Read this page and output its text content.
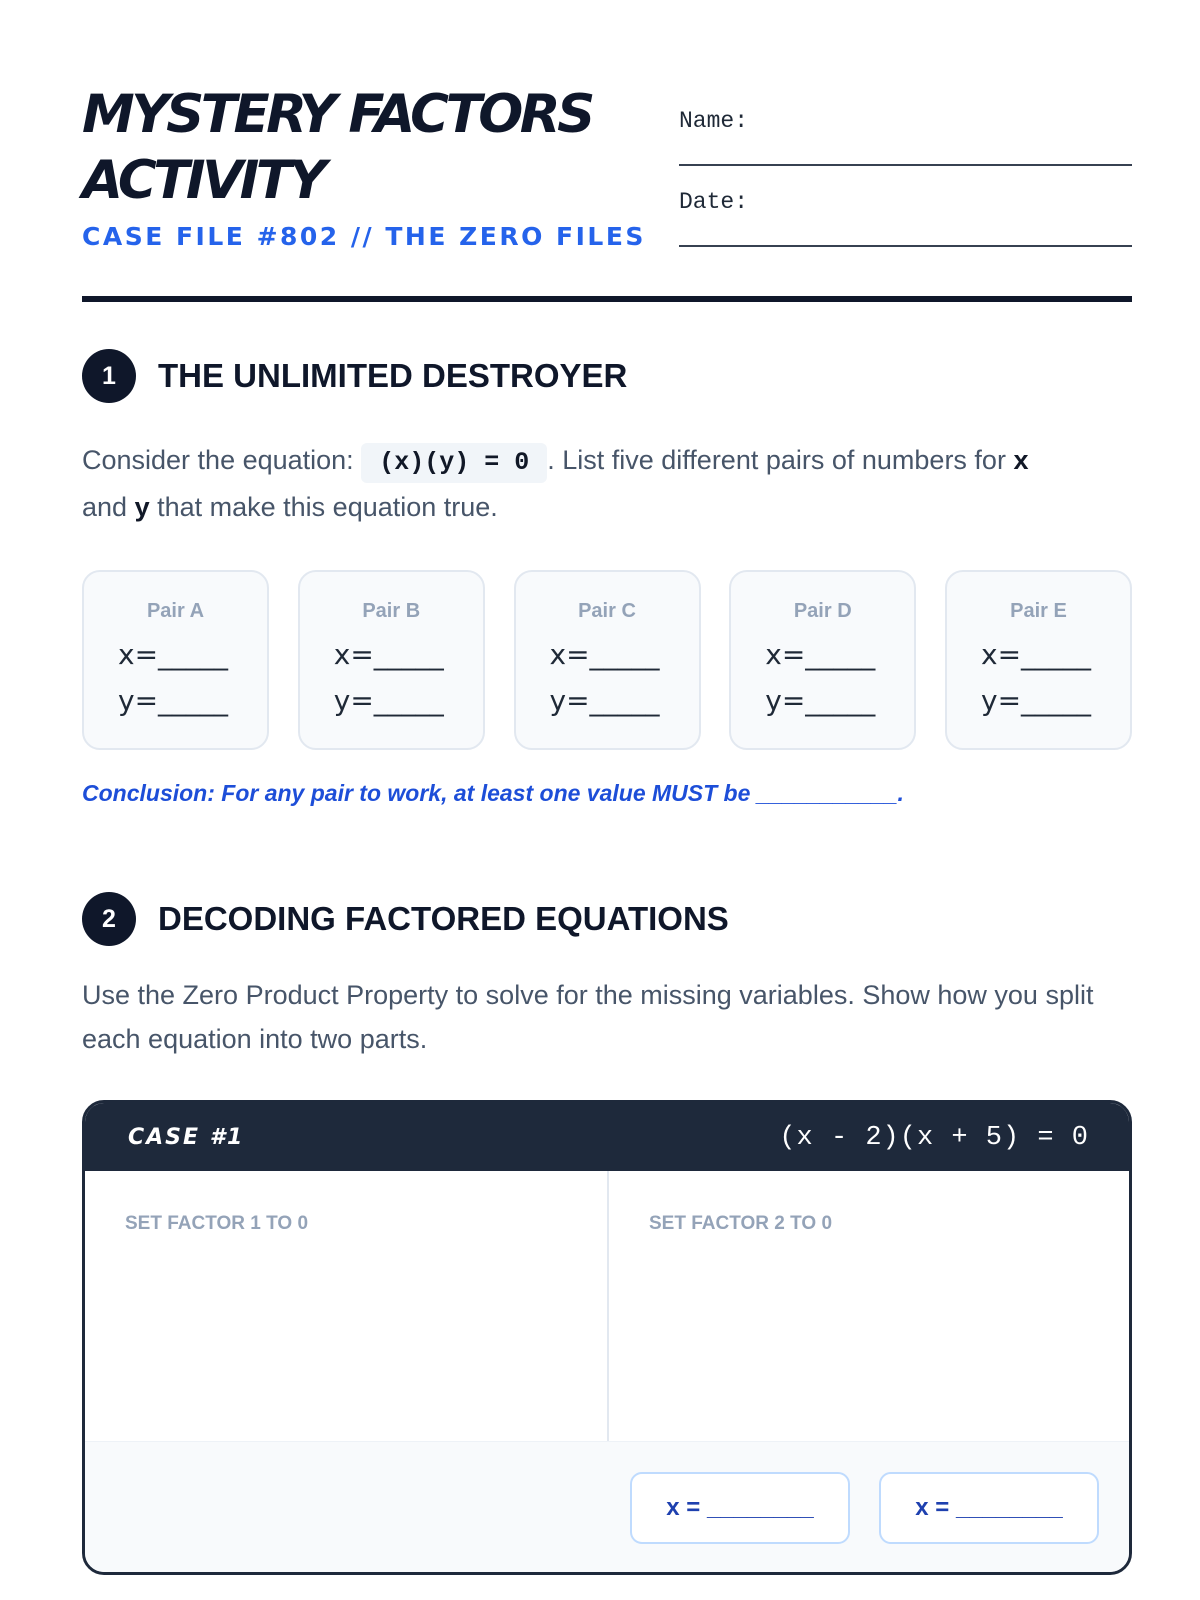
MYSTERY FACTORS
ACTIVITY
CASE FILE #802 // THE ZERO FILES
Name:
Date:
1	THE UNLIMITED DESTROYER
Consider the equation: (x)(y) = 0 . List five different pairs of numbers for x
and y that make this equation true.
Pair A
x=_____
y=_____
Pair B
x=_____
y=_____
Pair C
x=_____
y=_____
Pair D
x=_____
y=_____
Pair E
x=_____
y=_____
Conclusion: For any pair to work, at least one value MUST be ___________.
2	DECODING FACTORED EQUATIONS
Use the Zero Product Property to solve for the missing variables. Show how you split each equation into two parts.
CASE #1	(x - 2)(x + 5) = 0
SET FACTOR 1 TO 0	SET FACTOR 2 TO 0
x = ________	x = ________
